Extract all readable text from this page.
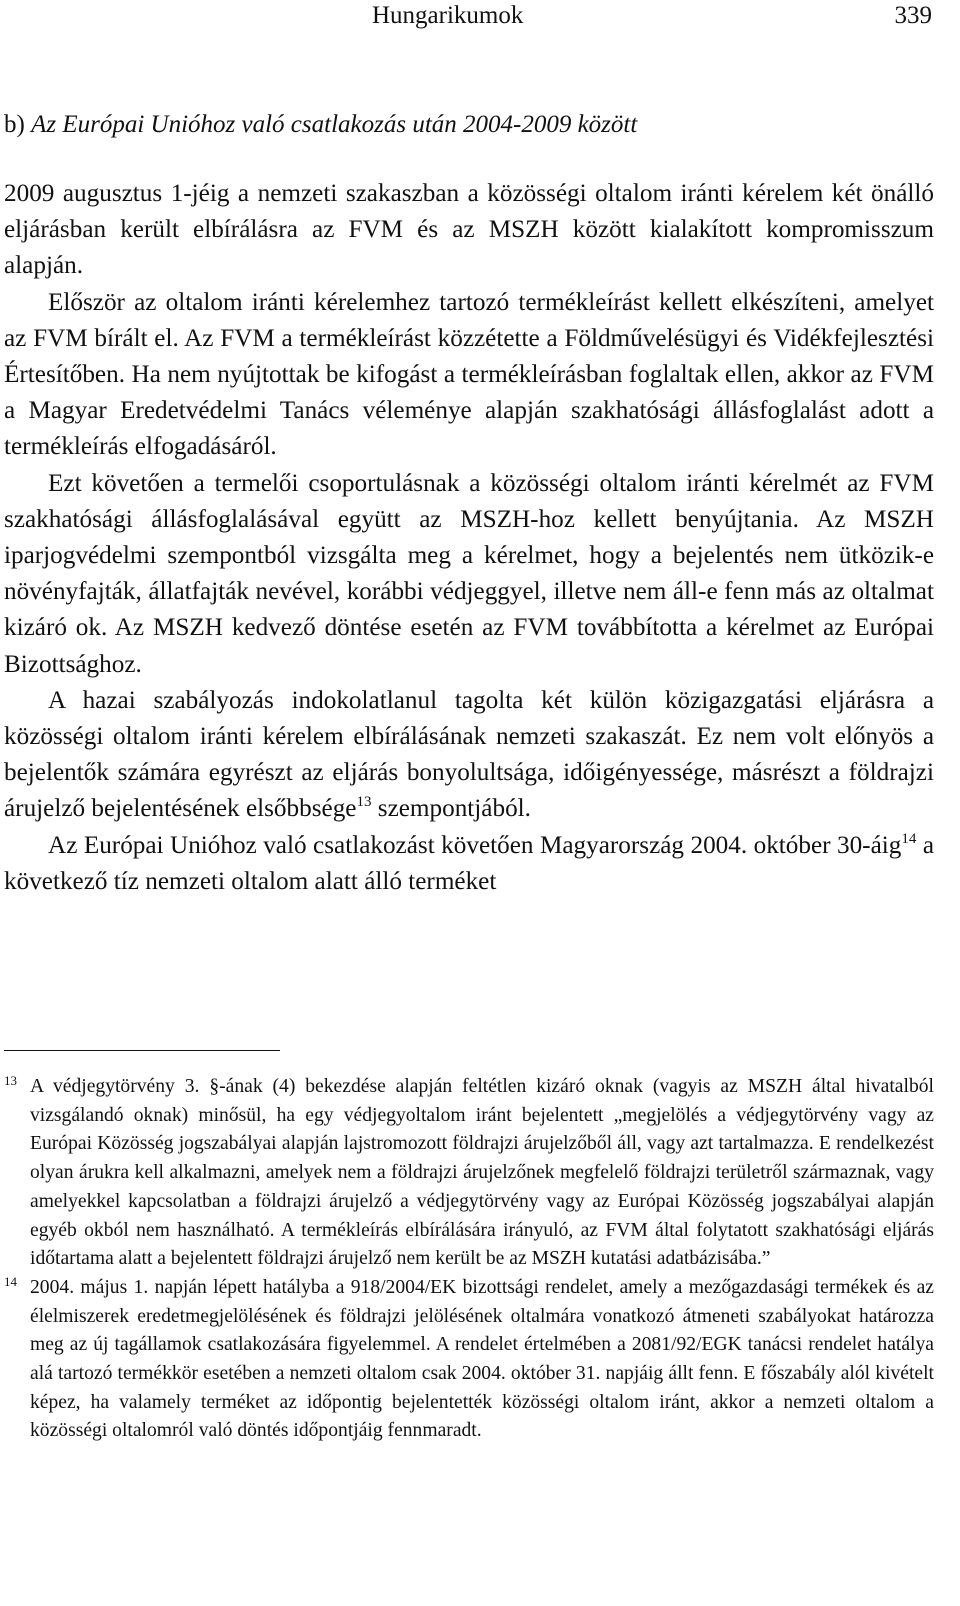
Hungarikumok	339
b) Az Európai Unióhoz való csatlakozás után 2004-2009 között

2009 augusztus 1-jéig a nemzeti szakaszban a közösségi oltalom iránti kérelem két önálló eljárásban került elbírálásra az FVM és az MSZH között kialakított kompromisszum alapján.

Először az oltalom iránti kérelemhez tartozó termékleírást kellett elkészíteni, amelyet az FVM bírált el. Az FVM a termékleírást közzétette a Földművelésügyi és Vidékfejlesztési Értesítőben. Ha nem nyújtottak be kifogást a termékleírásban foglaltak ellen, akkor az FVM a Magyar Eredetvédelmi Tanács véleménye alapján szakhatósági állásfoglalást adott a termékleírás elfogadásáról.

Ezt követően a termelői csoportulásnak a közösségi oltalom iránti kérelmét az FVM szakhatósági állásfoglalásával együtt az MSZH-hoz kellett benyújtania. Az MSZH iparjogvédelmi szempontból vizsgálta meg a kérelmet, hogy a bejelentés nem ütközik-e növényfajták, állatfajták nevével, korábbi védjeggyel, illetve nem áll-e fenn más az oltalmat kizáró ok. Az MSZH kedvező döntése esetén az FVM továbbította a kérelmet az Európai Bizottsághoz.

A hazai szabályozás indokolatlanul tagolta két külön közigazgatási eljárásra a közösségi oltalom iránti kérelem elbírálásának nemzeti szakaszát. Ez nem volt előnyös a bejelentők számára egyrészt az eljárás bonyolultsága, időigényessége, másrészt a földrajzi árujelző bejelentésének elsőbbsége$^{13}$ szempontjából.

Az Európai Unióhoz való csatlakozást követően Magyarország 2004. október 30-áig$^{14}$ a következő tíz nemzeti oltalom alatt álló terméket

13 A védjegytörvény 3. §-ának (4) bekezdése alapján feltétlen kizáró oknak (vagyis az MSZH által hivatalból vizsgálandó oknak) minősül, ha egy védjegyoltalom iránt bejelentett „megjelölés a védjegytörvény vagy az Európai Közösség jogszabályai alapján lajstromozott földrajzi árujelzőből áll, vagy azt tartalmazza. E rendelkezést olyan árukra kell alkalmazni, amelyek nem a földrajzi árujelzőnek megfelelő földrajzi területről származnak, vagy amelyekkel kapcsolatban a földrajzi árujelző a védjegytörvény vagy az Európai Közösség jogszabályai alapján egyéb okból nem használható. A termékleírás elbírálására irányuló, az FVM által folytatott szakhatósági eljárás időtartama alatt a bejelentett földrajzi árujelző nem került be az MSZH kutatási adatbázisába.”
14 2004. május 1. napján lépett hatályba a 918/2004/EK bizottsági rendelet, amely a mezőgazdasági termékek és az élelmiszerek eredetmegjelölésének és földrajzi jelölésének oltalmára vonatkozó átmeneti szabályokat határozza meg az új tagállamok csatlakozására figyelemmel. A rendelet értelmében a 2081/92/EGK tanácsi rendelet hatálya alá tartozó termékkör esetében a nemzeti oltalom csak 2004. október 31. napjáig állt fenn. E főszabály alól kivételt képez, ha valamely terméket az időpontig bejelentették közösségi oltalom iránt, akkor a nemzeti oltalom a közösségi oltalomról való döntés időpontjáig fennmaradt.
